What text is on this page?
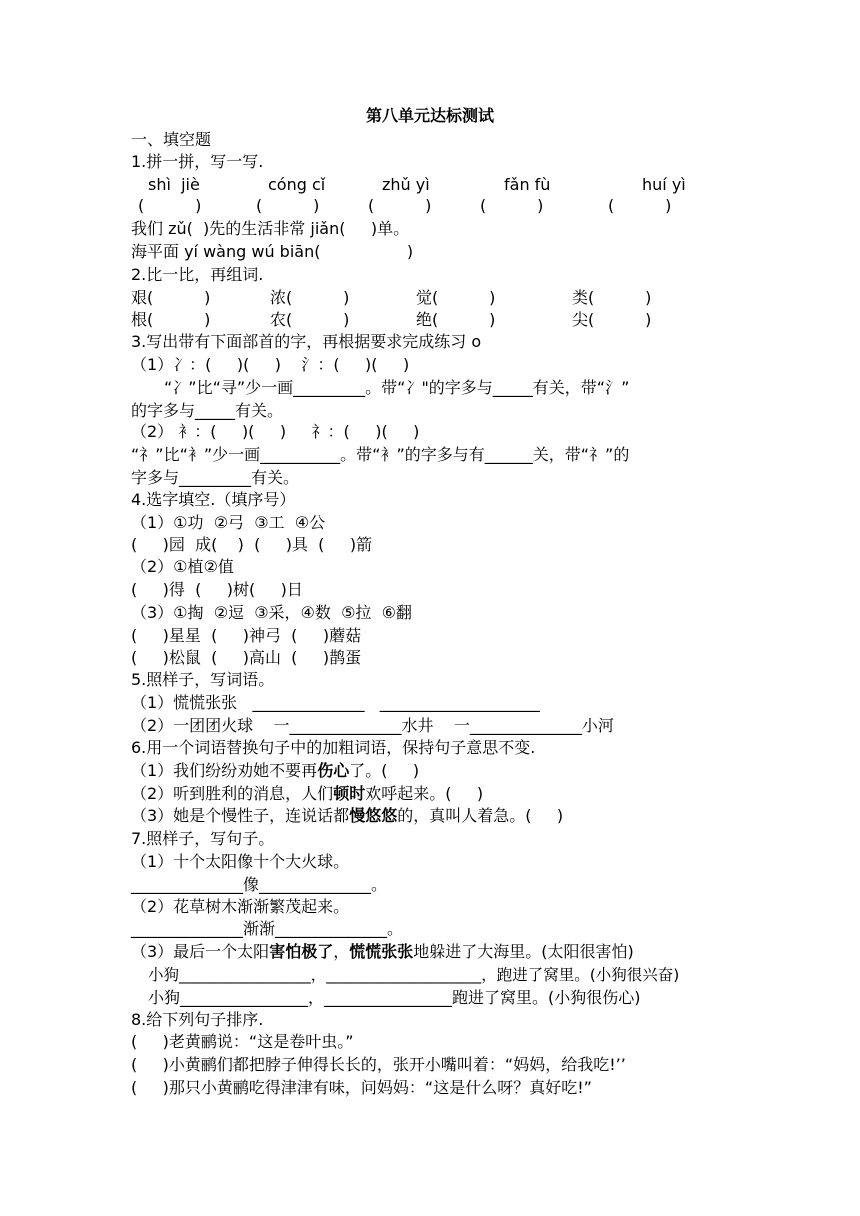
第八单元达标测试
一、填空题
1.拼一拼，写一写.
shì  jiè	cóng cǐ	zhǔ yì	fǎn fù	huí yì
(          )	(          )	(          )	(          )	(          )
我们 zǔ(  )先的生活非常 jiǎn(     )单。
海平面 yí wàng wú biān(                 )
2.比一比，再组词.
艰(          )	浓(          )	觉(          )	类(          )
根(          )	农(          )	绝(          )	尖(          )
3.写出带有下面部首的字，再根据要求完成练习 o
（1）冫：(     )(     )    氵：(     )(     )
“冫”比“寻”少一画_________。带“冫"的字多与_____有关，带“氵”
的字多与_____有关。
（2） 衤：(     )(     )     礻：(     )(     )
“礻”比“衤”少一画__________。带“衤”的字多与有______关，带“礻”的
字多与_________有关。
4.选字填空.（填序号）
（1）①功  ②弓  ③工  ④公
(     )园  成(    )  (     )具  (     )箭
（2）①植②值
(     )得  (     )树(     )日
（3）①掏  ②逗  ③采，④数  ⑤拉  ⑥翻
(     )星星  (     )神弓  (     )蘑菇
(     )松鼠  (     )高山  (     )鹊蛋
5.照样子，写词语。
（1）慌慌张张   ______________   ____________________
（2）一团团火球    一______________水井    一______________小河
6.用一个词语替换句子中的加粗词语，保持句子意思不变.
（1）我们纷纷劝她不要再伤心了。(     )
（2）听到胜利的消息，人们顿时欢呼起来。(     )
（3）她是个慢性子，连说话都慢悠悠的，真叫人着急。(     )
7.照样子，写句子。
（1）十个太阳像十个大火球。
______________像______________。
（2）花草树木渐渐繁茂起来。
______________渐渐______________。
（3）最后一个太阳害怕极了，慌慌张张地躲进了大海里。(太阳很害怕)
小狗_________________，____________________，跑进了窝里。(小狗很兴奋)
小狗________________，________________跑进了窝里。(小狗很伤心)
8.给下列句子排序.
(     )老黄鹂说：“这是卷叶虫。”
(     )小黄鹂们都把脖子伸得长长的，张开小嘴叫着：“妈妈，给我吃!’’
(     )那只小黄鹂吃得津津有味，问妈妈：“这是什么呀？真好吃!”
